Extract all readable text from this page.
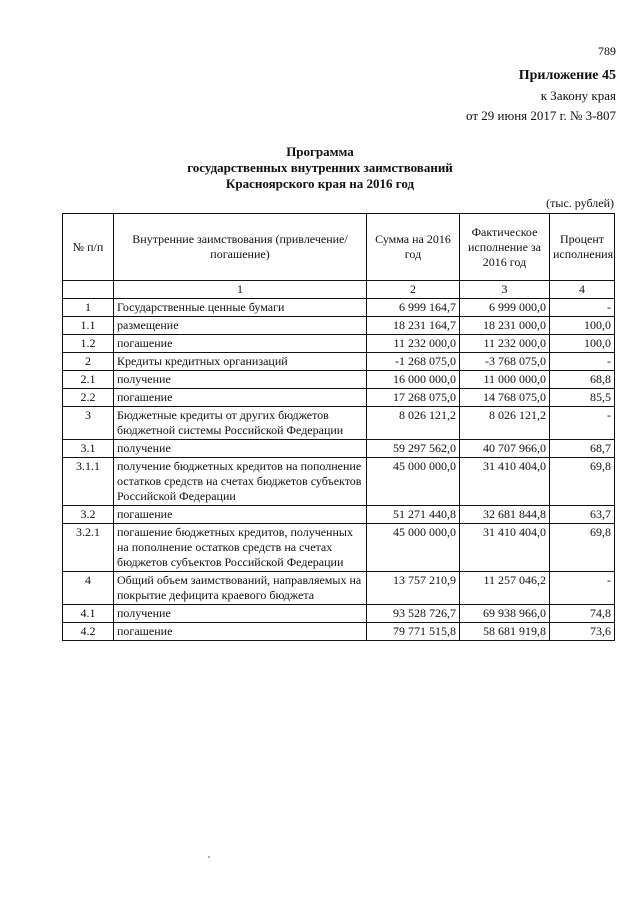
789
Приложение 45
к Закону края
от 29 июня 2017 г. № 3-807
Программа
государственных внутренних заимствований
Красноярского края на 2016 год
(тыс. рублей)
№ п/п	Внутренние заимствования (привлечение/ погашение)	Сумма на 2016 год	Фактическое исполнение за 2016 год	Процент исполнения
	1	2	3	4
1	Государственные ценные бумаги	6 999 164,7	6 999 000,0	-
1.1	размещение	18 231 164,7	18 231 000,0	100,0
1.2	погашение	11 232 000,0	11 232 000,0	100,0
2	Кредиты кредитных организаций	-1 268 075,0	-3 768 075,0	-
2.1	получение	16 000 000,0	11 000 000,0	68,8
2.2	погашение	17 268 075,0	14 768 075,0	85,5
3	Бюджетные кредиты от других бюджетов бюджетной системы Российской Федерации	8 026 121,2	8 026 121,2	-
3.1	получение	59 297 562,0	40 707 966,0	68,7
3.1.1	получение бюджетных кредитов на пополнение остатков средств на счетах бюджетов субъектов Российской Федерации	45 000 000,0	31 410 404,0	69,8
3.2	погашение	51 271 440,8	32 681 844,8	63,7
3.2.1	погашение бюджетных кредитов, полученных на пополнение остатков средств на счетах бюджетов субъектов Российской Федерации	45 000 000,0	31 410 404,0	69,8
4	Общий объем заимствований, направляемых на покрытие дефицита краевого бюджета	13 757 210,9	11 257 046,2	-
4.1	получение	93 528 726,7	69 938 966,0	74,8
4.2	погашение	79 771 515,8	58 681 919,8	73,6
